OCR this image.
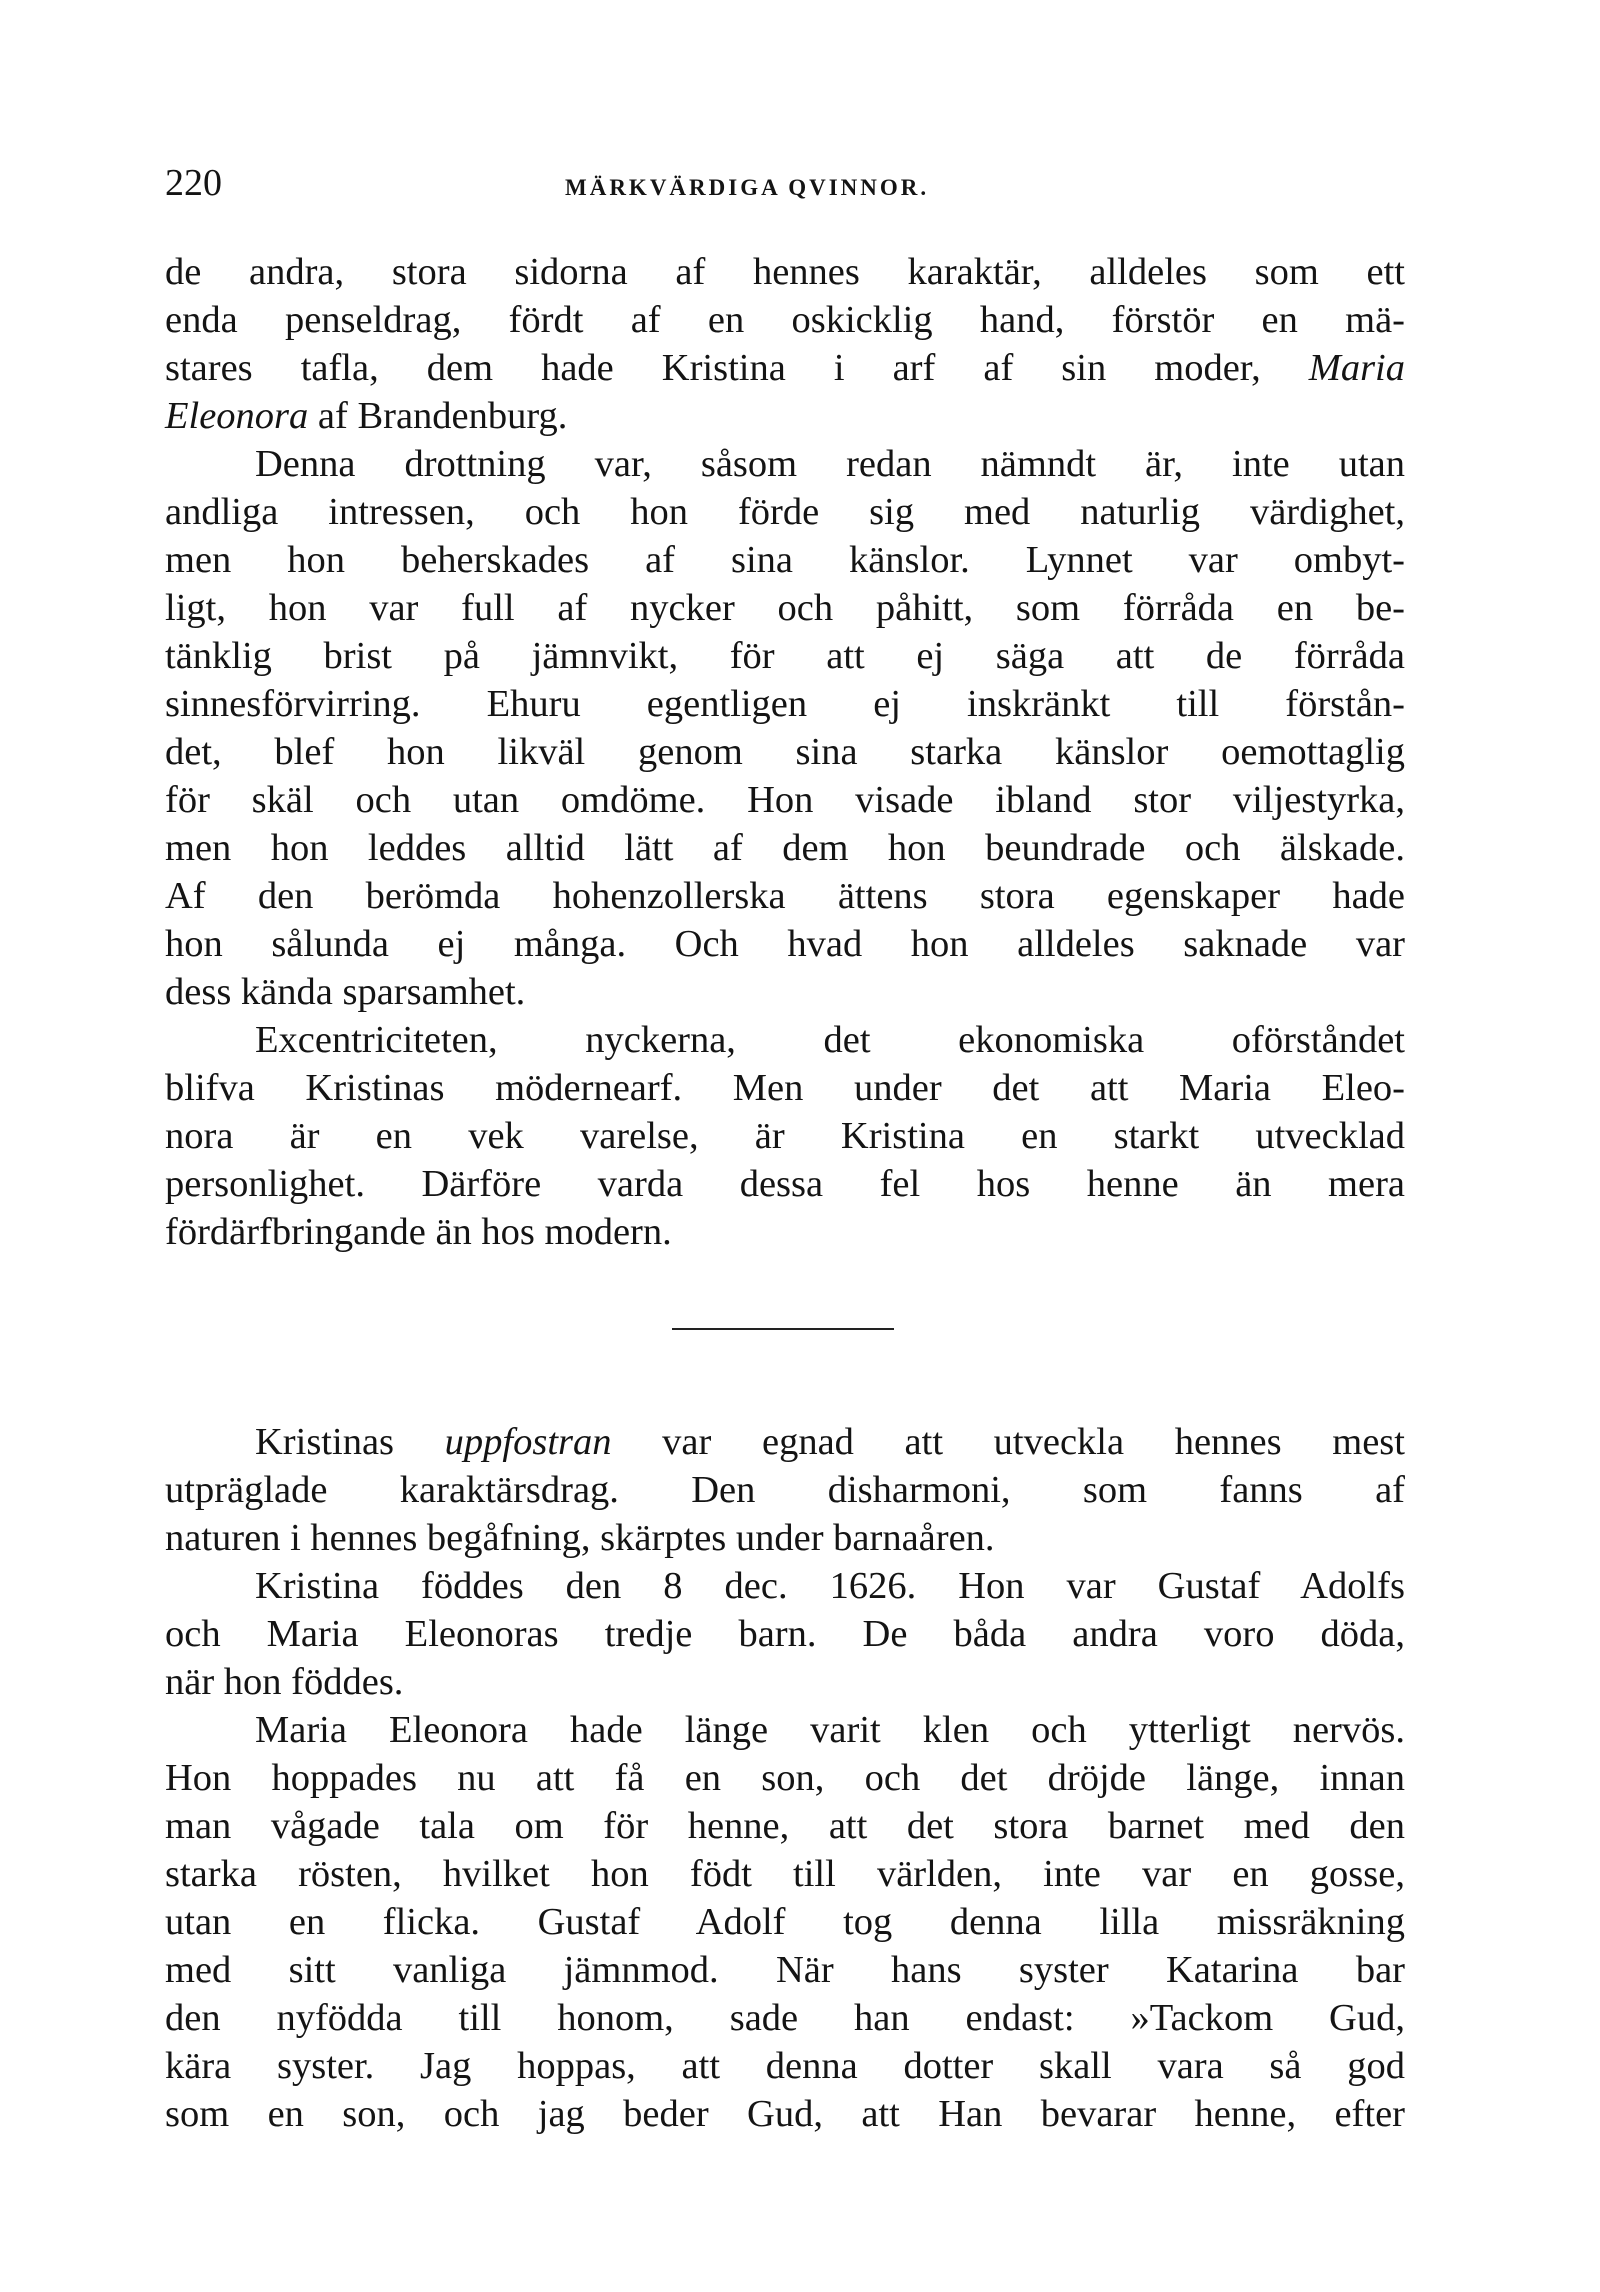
220	MÄRKVÄRDIGA QVINNOR.

de andra, stora sidorna af hennes karaktär, alldeles som ett

enda penseldrag, fördt af en oskicklig hand, förstör en mä-

stares tafla, dem hade Kristina i arf af sin moder, Maria

Eleonora af Brandenburg.

Denna drottning var, såsom redan nämndt är, inte utan

andliga intressen, och hon förde sig med naturlig värdighet,

men hon beherskades af sina känslor. Lynnet var ombyt-

ligt, hon var full af nycker och påhitt, som förråda en be-

tänklig brist på jämnvikt, för att ej säga att de förråda

sinnesförvirring. Ehuru egentligen ej inskränkt till förstån-

det, blef hon likväl genom sina starka känslor oemottaglig

för skäl och utan omdöme. Hon visade ibland stor viljestyrka,

men hon leddes alltid lätt af dem hon beundrade och älskade.

Af den berömda hohenzollerska ättens stora egenskaper hade

hon sålunda ej många. Och hvad hon alldeles saknade var

dess kända sparsamhet.

Excentriciteten, nyckerna, det ekonomiska oförståndet

blifva Kristinas mödernearf. Men under det att Maria Eleo-

nora är en vek varelse, är Kristina en starkt utvecklad

personlighet. Därföre varda dessa fel hos henne än mera

fördärfbringande än hos modern.

Kristinas uppfostran var egnad att utveckla hennes mest

utpräglade karaktärsdrag. Den disharmoni, som fanns af

naturen i hennes begåfning, skärptes under barnaåren.

Kristina föddes den 8 dec. 1626. Hon var Gustaf Adolfs

och Maria Eleonoras tredje barn. De båda andra voro döda,

när hon föddes.

Maria Eleonora hade länge varit klen och ytterligt nervös.

Hon hoppades nu att få en son, och det dröjde länge, innan

man vågade tala om för henne, att det stora barnet med den

starka rösten, hvilket hon födt till världen, inte var en gosse,

utan en flicka. Gustaf Adolf tog denna lilla missräkning

med sitt vanliga jämnmod. När hans syster Katarina bar

den nyfödda till honom, sade han endast: »Tackom Gud,

kära syster. Jag hoppas, att denna dotter skall vara så god

som en son, och jag beder Gud, att Han bevarar henne, efter
